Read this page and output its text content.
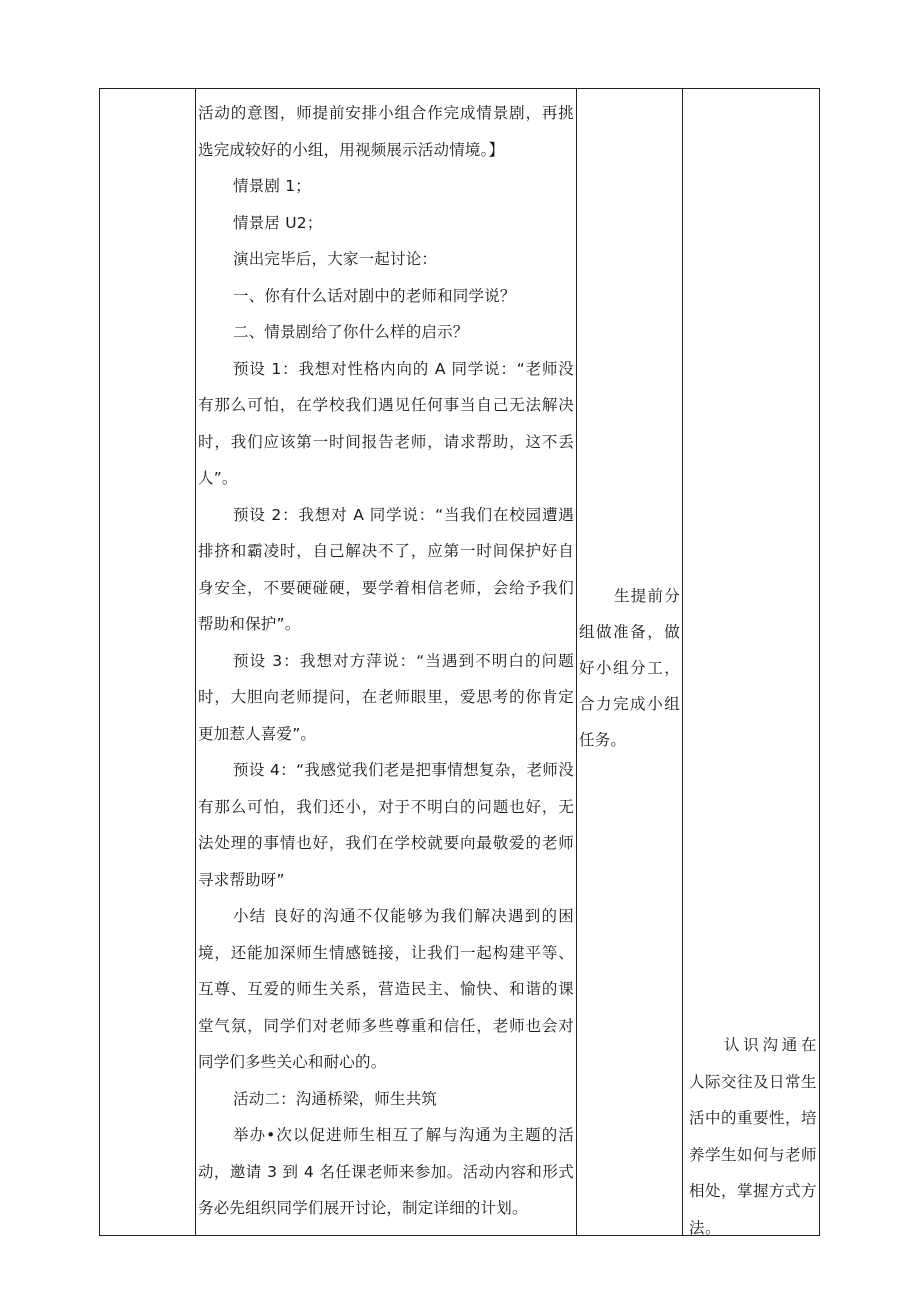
活动的意图，师提前安排小组合作完成情景剧，再挑选完成较好的小组，用视频展示活动情境。】

情景剧 1；

情景居 U2；

演出完毕后，大家一起讨论：

一、你有什么话对剧中的老师和同学说？

二、情景剧给了你什么样的启示？

预设 1：我想对性格内向的 A 同学说：“老师没有那么可怕，在学校我们遇见任何事当自己无法解决时，我们应该第一时间报告老师，请求帮助，这不丢人”。

预设 2：我想对 A 同学说：“当我们在校园遭遇排挤和霸凌时，自己解决不了，应第一时间保护好自身安全，不要硬碰硬，要学着相信老师，会给予我们帮助和保护”。

预设 3：我想对方萍说：“当遇到不明白的问题时，大胆向老师提问，在老师眼里，爱思考的你肯定更加惹人喜爱”。

预设 4：“我感觉我们老是把事情想复杂，老师没有那么可怕，我们还小，对于不明白的问题也好，无法处理的事情也好，我们在学校就要向最敬爱的老师寻求帮助呀”

小结 良好的沟通不仅能够为我们解决遇到的困境，还能加深师生情感链接，让我们一起构建平等、互尊、互爱的师生关系，营造民主、愉快、和谐的课堂气氛，同学们对老师多些尊重和信任，老师也会对同学们多些关心和耐心的。

活动二：沟通桥梁，师生共筑

举办•次以促进师生相互了解与沟通为主题的活动，邀请 3 到 4 名任课老师来参加。活动内容和形式务必先组织同学们展开讨论，制定详细的计划。

生提前分组做准备，做好小组分工，合力完成小组任务。

认识沟通在人际交往及日常生活中的重要性，培养学生如何与老师相处，掌握方式方法。
